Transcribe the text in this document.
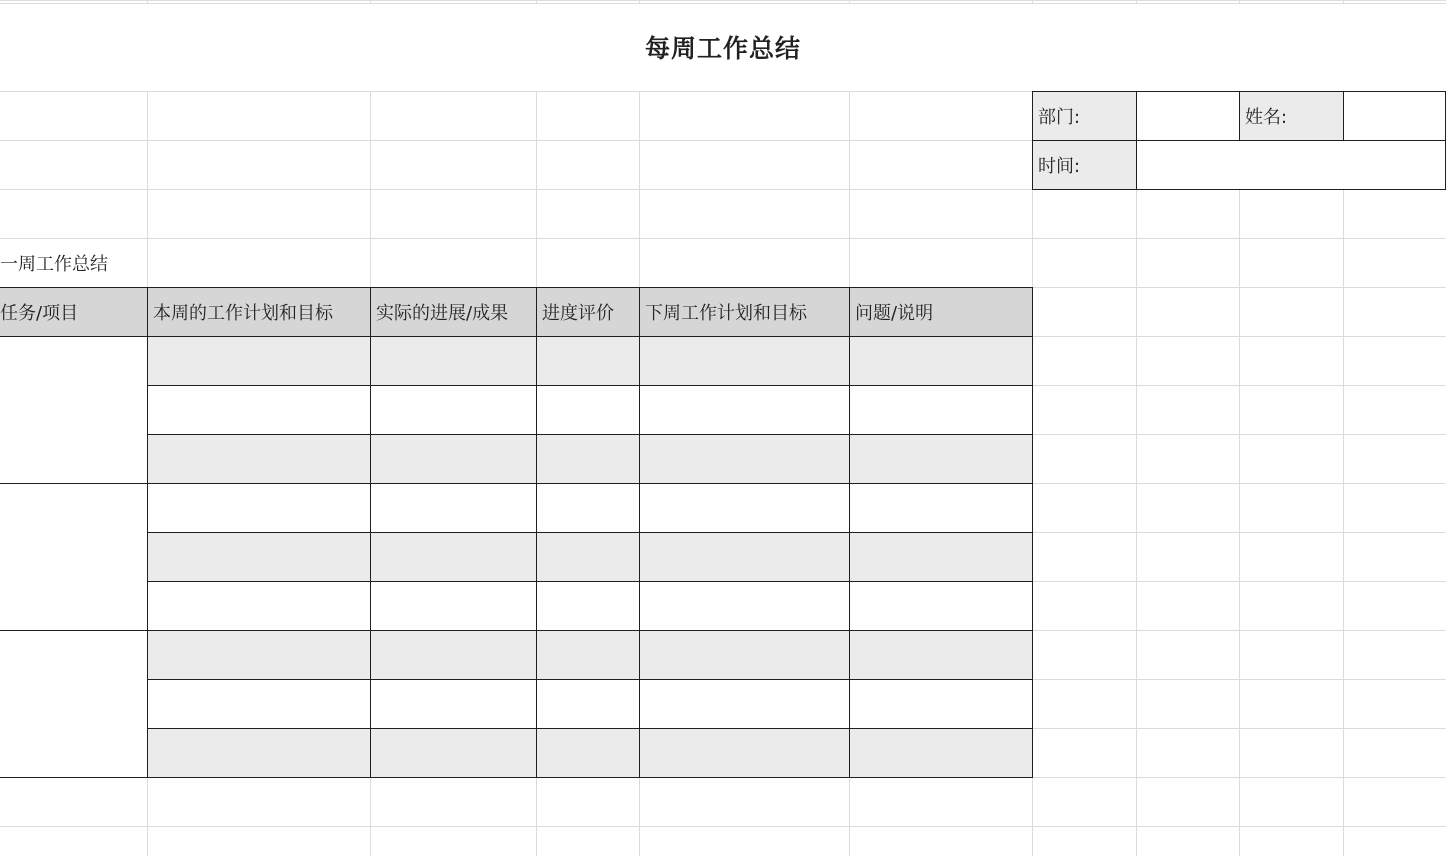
每周工作总结
部门:	姓名:
时间:
一周工作总结
任务/项目	本周的工作计划和目标	实际的进展/成果	进度评价	下周工作计划和目标	问题/说明
